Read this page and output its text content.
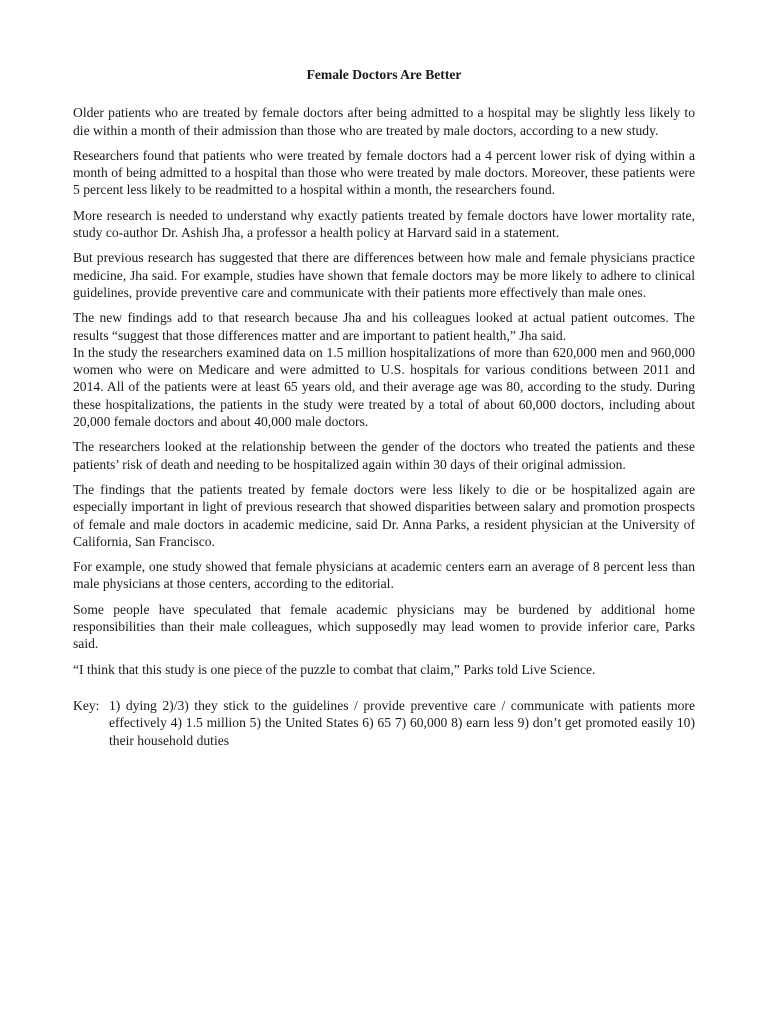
Female Doctors Are Better

Older patients who are treated by female doctors after being admitted to a hospital may be slightly less likely to die within a month of their admission than those who are treated by male doctors, according to a new study.

Researchers found that patients who were treated by female doctors had a 4 percent lower risk of dying within a month of being admitted to a hospital than those who were treated by male doctors. Moreover, these patients were 5 percent less likely to be readmitted to a hospital within a month, the researchers found.

More research is needed to understand why exactly patients treated by female doctors have lower mortality rate, study co-author Dr. Ashish Jha, a professor a health policy at Harvard said in a statement.

But previous research has suggested that there are differences between how male and female physicians practice medicine, Jha said. For example, studies have shown that female doctors may be more likely to adhere to clinical guidelines, provide preventive care and communicate with their patients more effectively than male ones.

The new findings add to that research because Jha and his colleagues looked at actual patient outcomes. The results “suggest that those differences matter and are important to patient health,” Jha said.

In the study the researchers examined data on 1.5 million hospitalizations of more than 620,000 men and 960,000 women who were on Medicare and were admitted to U.S. hospitals for various conditions between 2011 and 2014. All of the patients were at least 65 years old, and their average age was 80, according to the study. During these hospitalizations, the patients in the study were treated by a total of about 60,000 doctors, including about 20,000 female doctors and about 40,000 male doctors.

The researchers looked at the relationship between the gender of the doctors who treated the patients and these patients’ risk of death and needing to be hospitalized again within 30 days of their original admission.

The findings that the patients treated by female doctors were less likely to die or be hospitalized again are especially important in light of previous research that showed disparities between salary and promotion prospects of female and male doctors in academic medicine, said Dr. Anna Parks, a resident physician at the University of California, San Francisco.

For example, one study showed that female physicians at academic centers earn an average of 8 percent less than male physicians at those centers, according to the editorial.

Some people have speculated that female academic physicians may be burdened by additional home responsibilities than their male colleagues, which supposedly may lead women to provide inferior care, Parks said.

“I think that this study is one piece of the puzzle to combat that claim,” Parks told Live Science.

Key: 1) dying 2)/3) they stick to the guidelines / provide preventive care / communicate with patients more effectively 4) 1.5 million 5) the United States 6) 65 7) 60,000 8) earn less 9) don’t get promoted easily 10) their household duties
